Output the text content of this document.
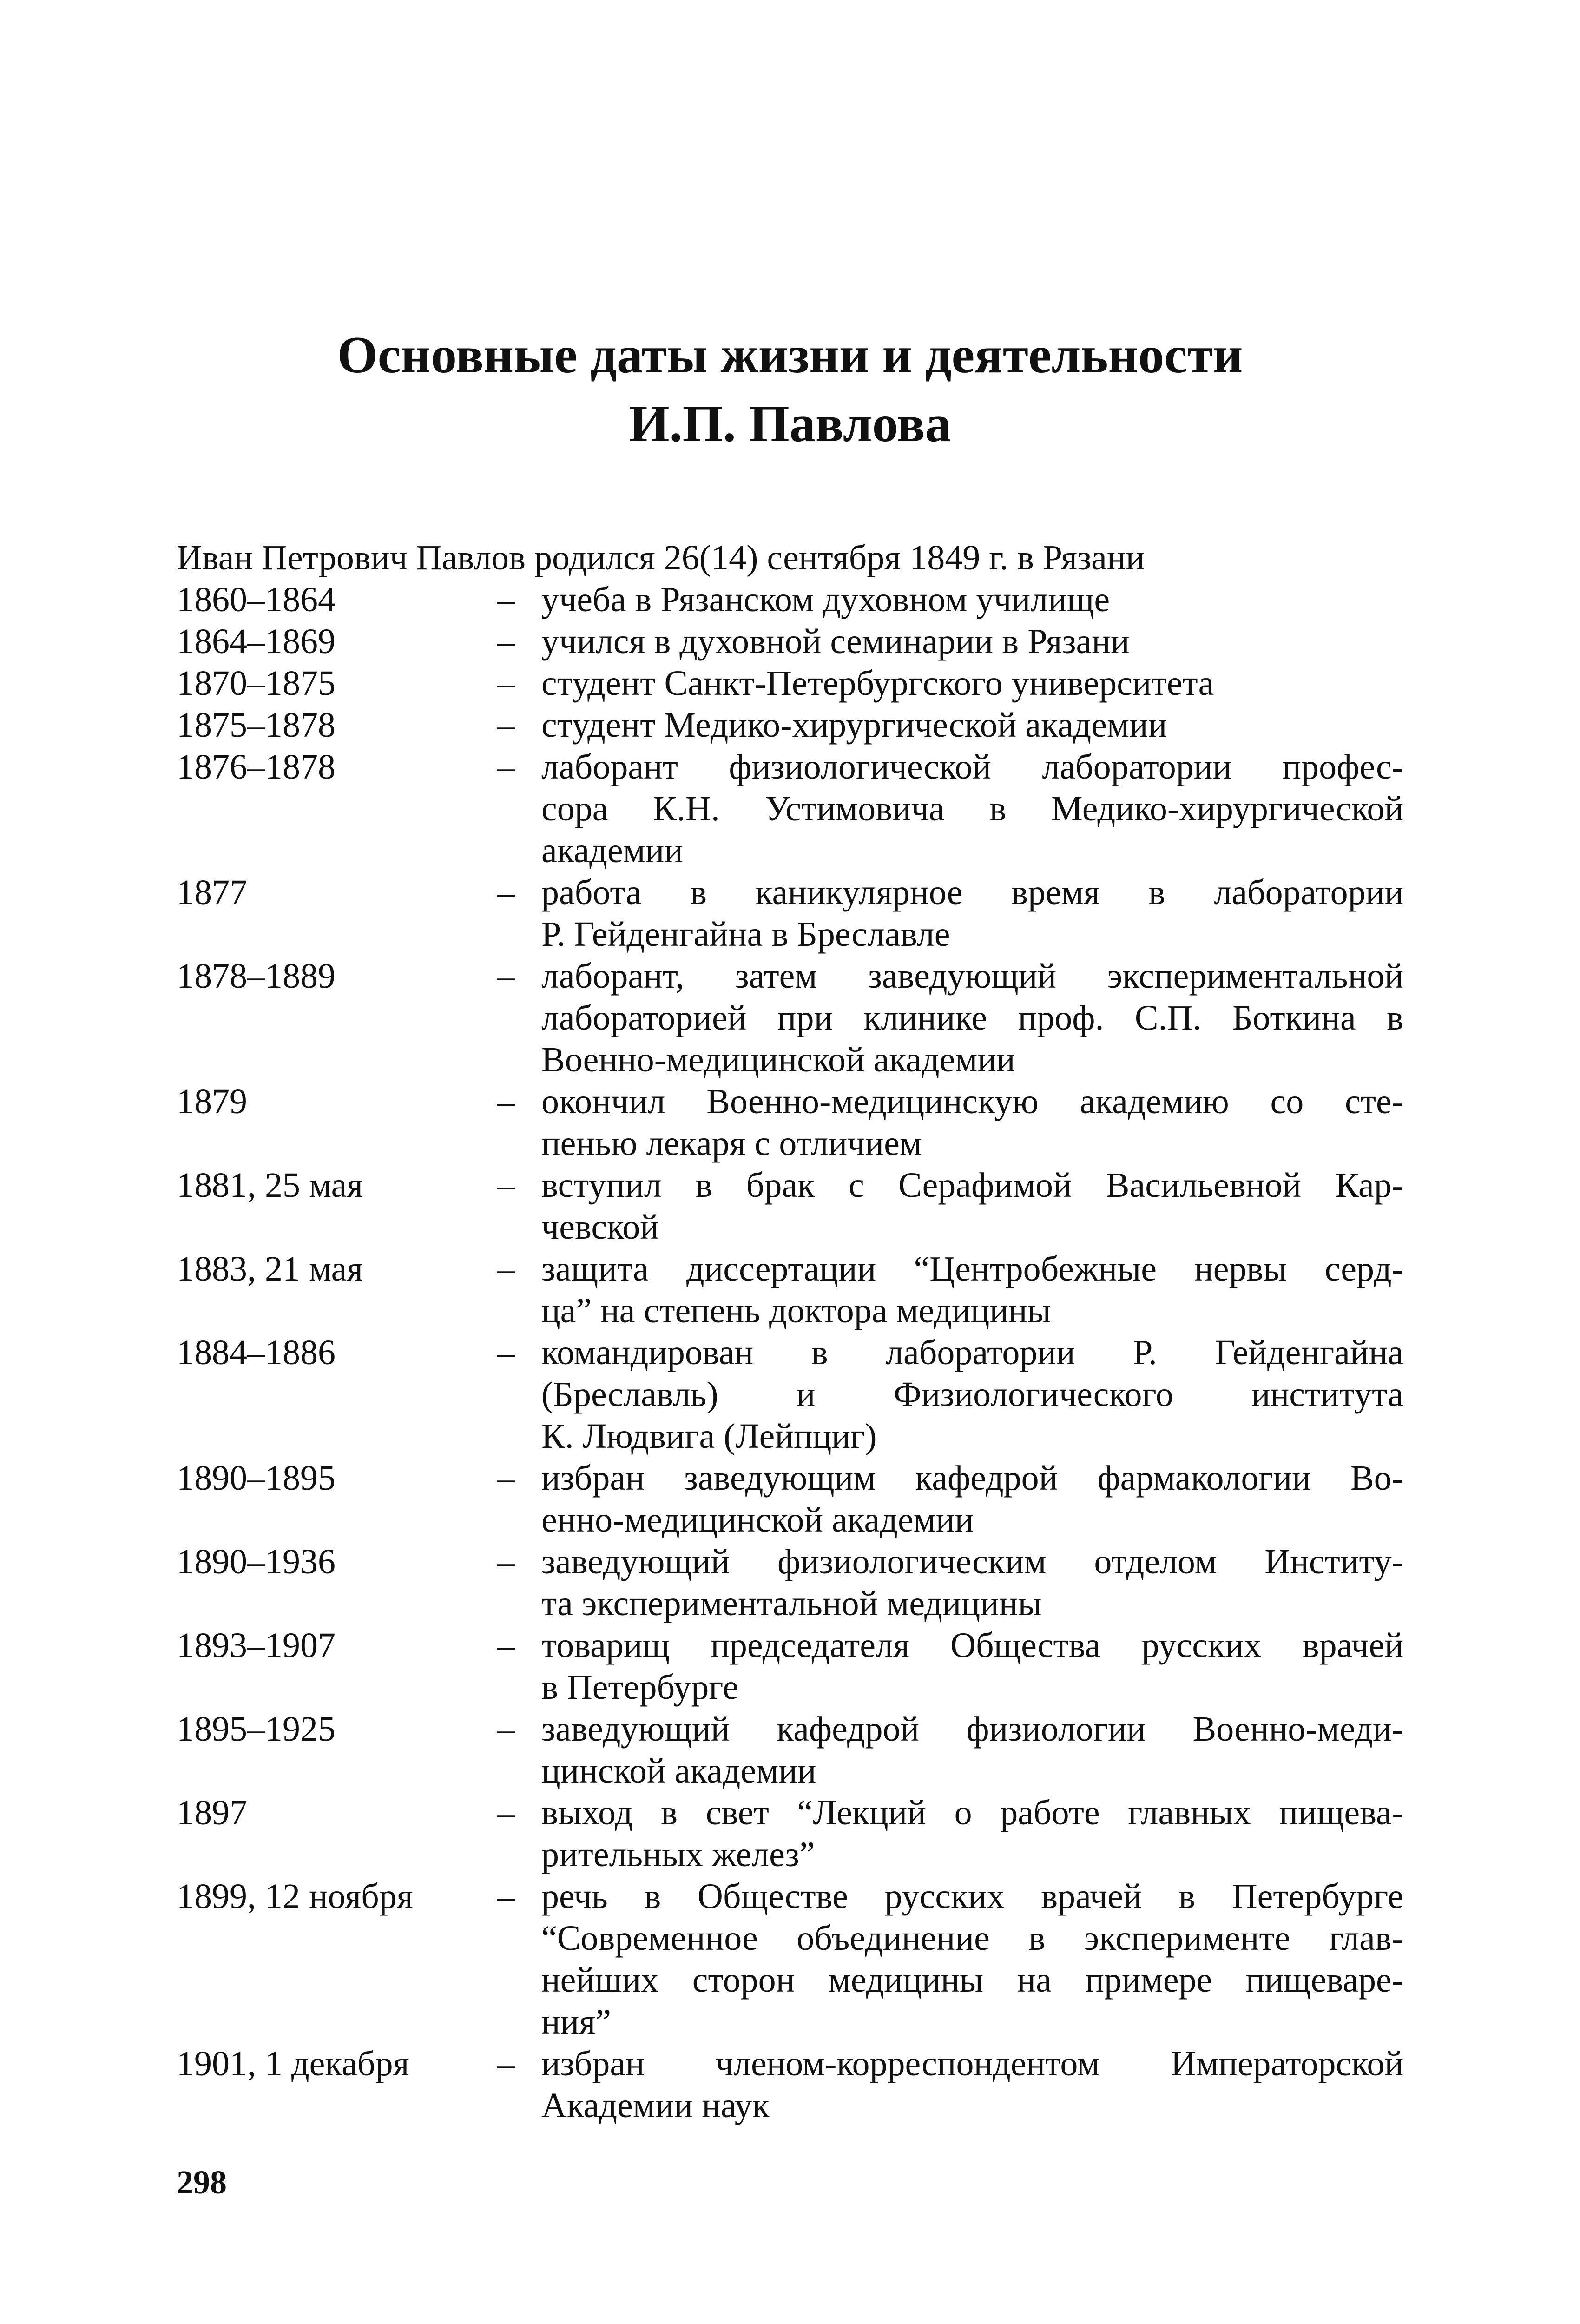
Основные даты жизни и деятельности
И.П. Павлова
Иван Петрович Павлов родился 26(14) сентября 1849 г. в Рязани
1860–1864	– учеба в Рязанском духовном училище
1864–1869	– учился в духовной семинарии в Рязани
1870–1875	– студент Санкт-Петербургского университета
1875–1878	– студент Медико-хирургической академии
1876–1878	– лаборант физиологической лаборатории профес-
сора К.Н. Устимовича в Медико-хирургической
академии
1877	– работа в каникулярное время в лаборатории
Р. Гейденгайна в Бреславле
1878–1889	– лаборант, затем заведующий экспериментальной
лабораторией при клинике проф. С.П. Боткина в
Военно-медицинской академии
1879	– окончил Военно-медицинскую академию со сте-
пенью лекаря с отличием
1881, 25 мая	– вступил в брак с Серафимой Васильевной Кар-
чевской
1883, 21 мая	– защита диссертации “Центробежные нервы серд-
ца” на степень доктора медицины
1884–1886	– командирован в лаборатории Р. Гейденгайна
(Бреславль) и Физиологического института
К. Людвига (Лейпциг)
1890–1895	– избран заведующим кафедрой фармакологии Во-
енно-медицинской академии
1890–1936	– заведующий физиологическим отделом Институ-
та экспериментальной медицины
1893–1907	– товарищ председателя Общества русских врачей
в Петербурге
1895–1925	– заведующий кафедрой физиологии Военно-меди-
цинской академии
1897	– выход в свет “Лекций о работе главных пищева-
рительных желез”
1899, 12 ноября – речь в Обществе русских врачей в Петербурге
“Современное объединение в эксперименте глав-
нейших сторон медицины на примере пищеваре-
ния”
1901, 1 декабря – избран членом-корреспондентом Императорской
Академии наук
298
